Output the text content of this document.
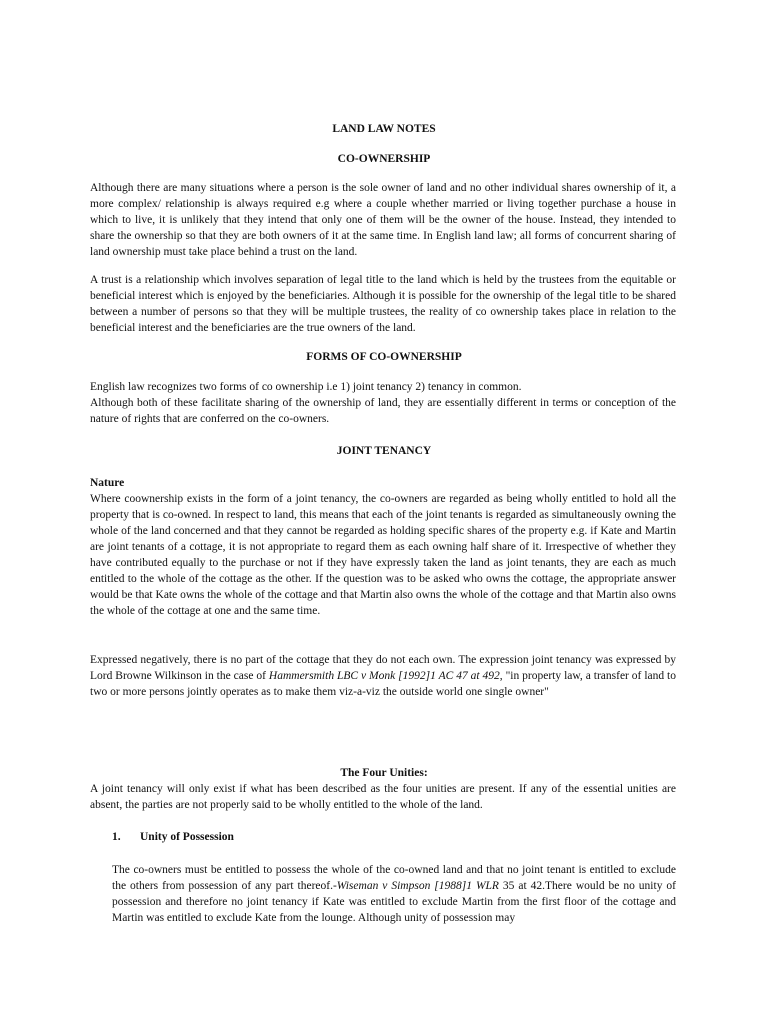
LAND LAW NOTES

CO-OWNERSHIP

Although there are many situations where a person is the sole owner of land and no other individual shares ownership of it, a more complex/ relationship is always required e.g where a couple whether married or living together purchase a house in which to live, it is unlikely that they intend that only one of them will be the owner of the house. Instead, they intended to share the ownership so that they are both owners of it at the same time. In English land law; all forms of concurrent sharing of land ownership must take place behind a trust on the land.

A trust is a relationship which involves separation of legal title to the land which is held by the trustees from the equitable or beneficial interest which is enjoyed by the beneficiaries. Although it is possible for the ownership of the legal title to be shared between a number of persons so that they will be multiple trustees, the reality of co ownership takes place in relation to the beneficial interest and the beneficiaries are the true owners of the land.

FORMS OF CO-OWNERSHIP

English law recognizes two forms of co ownership i.e 1) joint tenancy 2) tenancy in common.

Although both of these facilitate sharing of the ownership of land, they are essentially different in terms or conception of the nature of rights that are conferred on the co-owners.

JOINT TENANCY

Nature

Where coownership exists in the form of a joint tenancy, the co-owners are regarded as being wholly entitled to hold all the property that is co-owned. In respect to land, this means that each of the joint tenants is regarded as simultaneously owning the whole of the land concerned and that they cannot be regarded as holding specific shares of the property e.g. if Kate and Martin are joint tenants of a cottage, it is not appropriate to regard them as each owning half share of it. Irrespective of whether they have contributed equally to the purchase or not if they have expressly taken the land as joint tenants, they are each as much entitled to the whole of the cottage as the other. If the question was to be asked who owns the cottage, the appropriate answer would be that Kate owns the whole of the cottage and that Martin also owns the whole of the cottage and that Martin also owns the whole of the cottage at one and the same time.

Expressed negatively, there is no part of the cottage that they do not each own. The expression joint tenancy was expressed by Lord Browne Wilkinson in the case of Hammersmith LBC v Monk [1992]1 AC 47 at 492, "in property law, a transfer of land to two or more persons jointly operates as to make them viz-a-viz the outside world one single owner"

The Four Unities:

A joint tenancy will only exist if what has been described as the four unities are present. If any of the essential unities are absent, the parties are not properly said to be wholly entitled to the whole of the land.

1. Unity of Possession

The co-owners must be entitled to possess the whole of the co-owned land and that no joint tenant is entitled to exclude the others from possession of any part thereof.-Wiseman v Simpson [1988]1 WLR 35 at 42.There would be no unity of possession and therefore no joint tenancy if Kate was entitled to exclude Martin from the first floor of the cottage and Martin was entitled to exclude Kate from the lounge. Although unity of possession may
